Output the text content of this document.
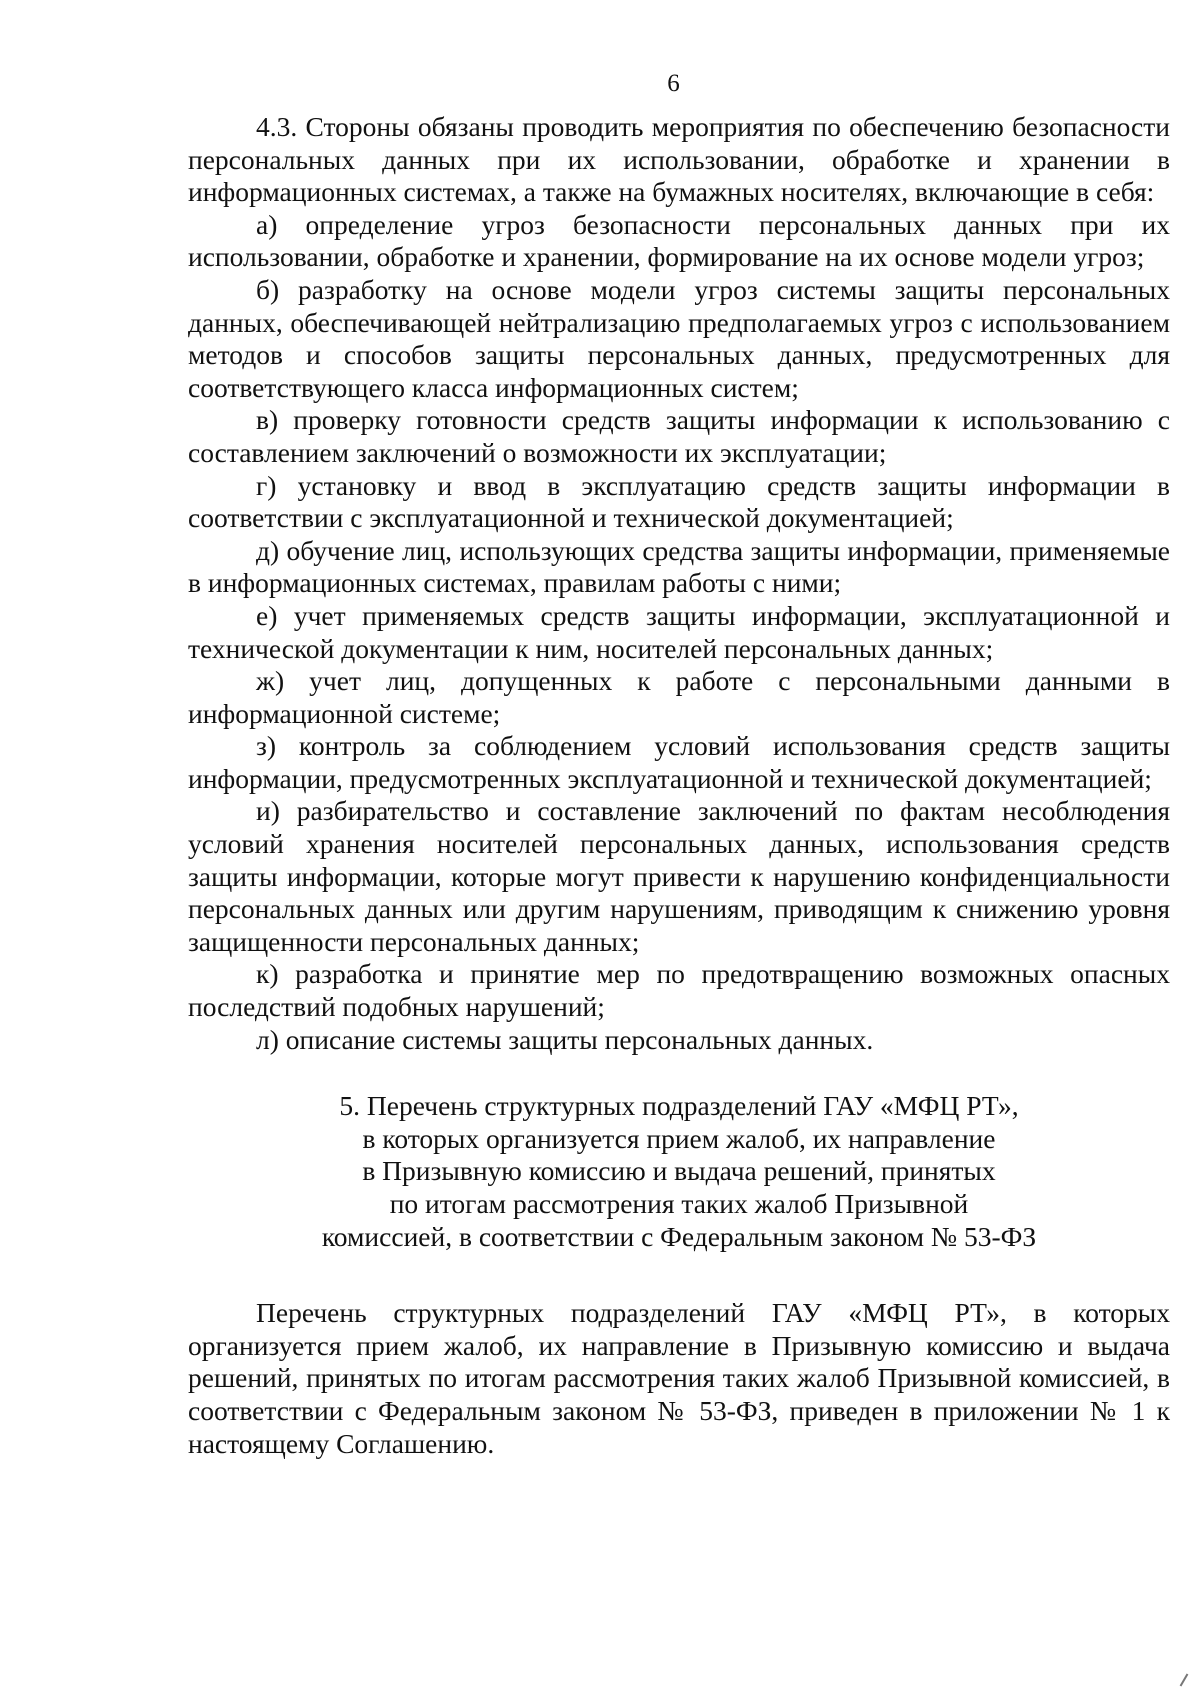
6

4.3. Стороны обязаны проводить мероприятия по обеспечению безопасности персональных данных при их использовании, обработке и хранении в информационных системах, а также на бумажных носителях, включающие в себя:

а) определение угроз безопасности персональных данных при их использовании, обработке и хранении, формирование на их основе модели угроз;

б) разработку на основе модели угроз системы защиты персональных данных, обеспечивающей нейтрализацию предполагаемых угроз с использованием методов и способов защиты персональных данных, предусмотренных для соответствующего класса информационных систем;

в) проверку готовности средств защиты информации к использованию с составлением заключений о возможности их эксплуатации;

г) установку и ввод в эксплуатацию средств защиты информации в соответствии с эксплуатационной и технической документацией;

д) обучение лиц, использующих средства защиты информации, применяемые в информационных системах, правилам работы с ними;

е) учет применяемых средств защиты информации, эксплуатационной и технической документации к ним, носителей персональных данных;

ж) учет лиц, допущенных к работе с персональными данными в информационной системе;

з) контроль за соблюдением условий использования средств защиты информации, предусмотренных эксплуатационной и технической документацией;

и) разбирательство и составление заключений по фактам несоблюдения условий хранения носителей персональных данных, использования средств защиты информации, которые могут привести к нарушению конфиденциальности персональных данных или другим нарушениям, приводящим к снижению уровня защищенности персональных данных;

к) разработка и принятие мер по предотвращению возможных опасных последствий подобных нарушений;

л) описание системы защиты персональных данных.

5. Перечень структурных подразделений ГАУ «МФЦ РТ»,
в которых организуется прием жалоб, их направление
в Призывную комиссию и выдача решений, принятых
по итогам рассмотрения таких жалоб Призывной
комиссией, в соответствии с Федеральным законом № 53-ФЗ

Перечень структурных подразделений ГАУ «МФЦ РТ», в которых организуется прием жалоб, их направление в Призывную комиссию и выдача решений, принятых по итогам рассмотрения таких жалоб Призывной комиссией, в соответствии с Федеральным законом № 53-ФЗ, приведен в приложении № 1 к настоящему Соглашению.
